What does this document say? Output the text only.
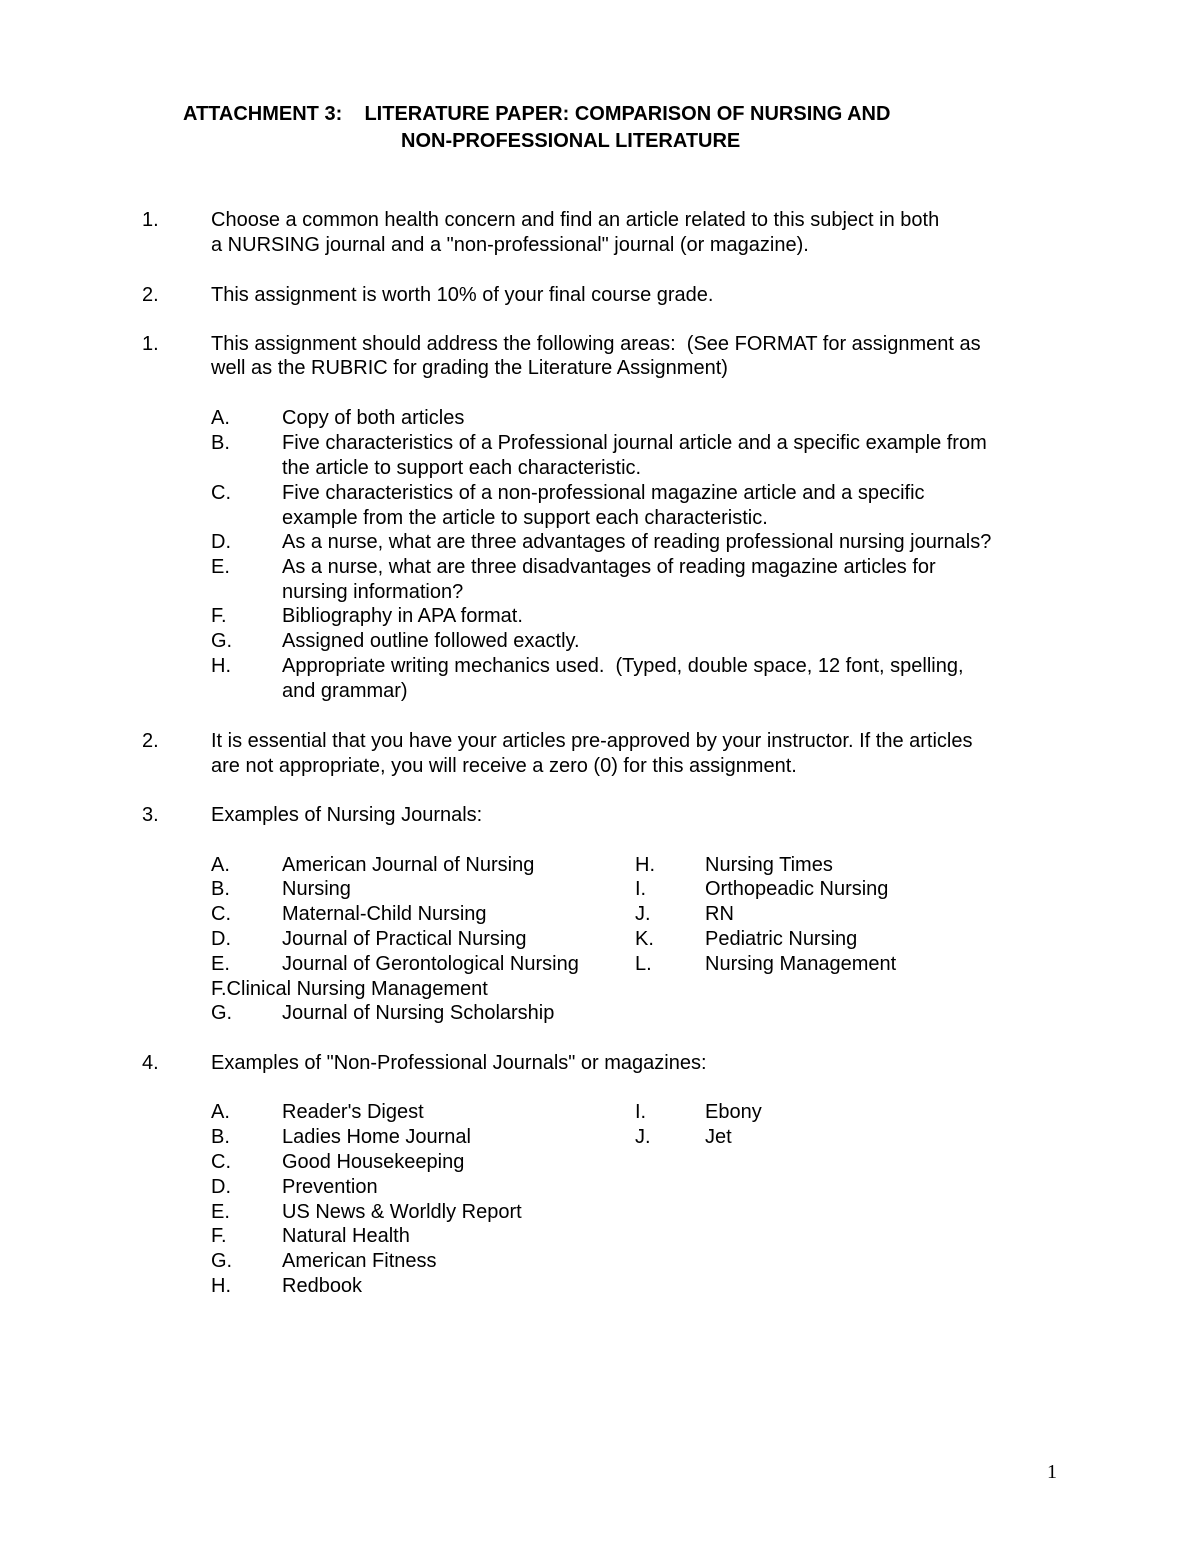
ATTACHMENT 3:    LITERATURE PAPER: COMPARISON OF NURSING AND
NON-PROFESSIONAL LITERATURE
1.	Choose a common health concern and find an article related to this subject in both
a NURSING journal and a "non-professional" journal (or magazine).
2.	This assignment is worth 10% of your final course grade.
1.	This assignment should address the following areas:  (See FORMAT for assignment as
well as the RUBRIC for grading the Literature Assignment)
A.	Copy of both articles
B.	Five characteristics of a Professional journal article and a specific example from
the article to support each characteristic.
C.	Five characteristics of a non-professional magazine article and a specific
example from the article to support each characteristic.
D.	As a nurse, what are three advantages of reading professional nursing journals?
E.	As a nurse, what are three disadvantages of reading magazine articles for
nursing information?
F.	Bibliography in APA format.
G. Assigned outline followed exactly.
H.	Appropriate writing mechanics used.  (Typed, double space, 12 font, spelling,
and grammar)
2.	It is essential that you have your articles pre-approved by your instructor. If the articles
are not appropriate, you will receive a zero (0) for this assignment.
3.	Examples of Nursing Journals:
A.	American Journal of Nursing
B.	Nursing
C.	Maternal-Child Nursing
D.	Journal of Practical Nursing
E.	Journal of Gerontological Nursing
F.Clinical Nursing Management
G. Journal of Nursing Scholarship
H.	Nursing Times
I.	Orthopeadic Nursing
J.	RN
K.	Pediatric Nursing
L.	Nursing Management
4.	Examples of "Non-Professional Journals" or magazines:
A.	Reader's Digest
B.	Ladies Home Journal
C.	Good Housekeeping
D.	Prevention
E.	US News & Worldly Report
F.	Natural Health
G. American Fitness
H.	Redbook
I.	Ebony
J.	Jet
1
